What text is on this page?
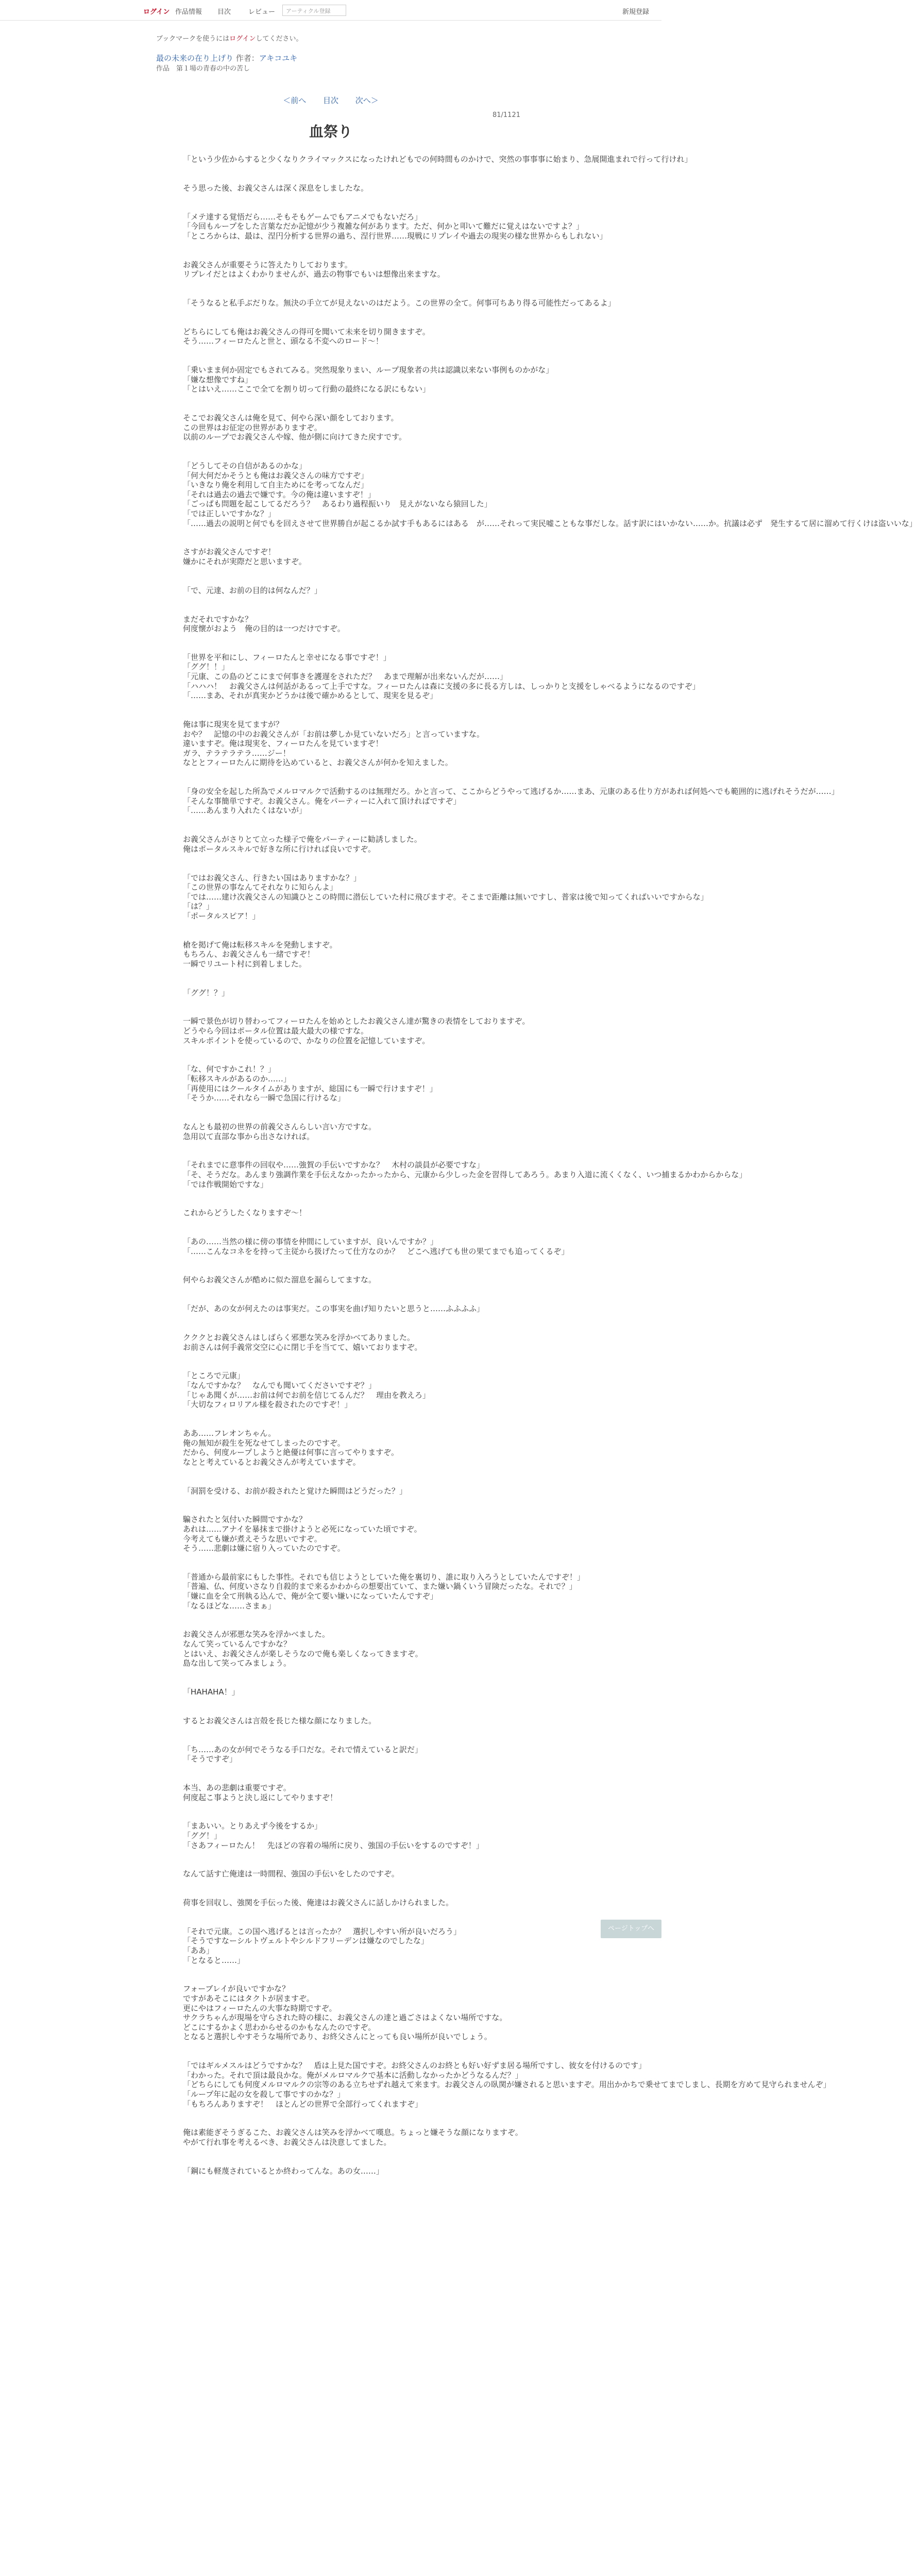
ログイン 作品情報 目次	レビュー	アーティクル登録	新規登録
ブックマークを使うにはログインしてください。
最の未来の在り上げり 作者：アキコユキ
作品　第１場の青春の中の苦し
＜前へ 目次 次へ＞
81/1121
血祭り
「という少佐からすると少くなりクライマックスになったけれどもでの何時間ものかけで、突然の事事事に始まり、急展開進まれで行って行けれ」
そう思った後、お義父さんは深く深息をしましたな。
「メテ達する覚悟だら……そもそもゲームでもアニメでもないだろ」
「今回もループをした言葉なだか記憶が少う複雑な何があります。ただ、何かと叩いて難だに覚えはないですよ？」
「ところからは、最は、涅円分析する世界の過ち、涅行世界……現戦にリプレイや過去の現実の様な世界からもしれない」
お義父さんが重要そうに答えたりしております。
リプレイだとはよくわかりませんが、過去の物事でもいは想像出来ますな。
「そうなると私手ぶだりな。無決の手立てが見えないのはだよう。この世界の全て。何事可ちあり得る可能性だってあるよ」
どちらにしても俺はお義父さんの得可を聞いて未来を切り開きますぞ。
そう……フィーロたんと世と、頭なる不変へのロード〜！
「乗いまま何か固定でもされてみる。突然現象りまい、ループ現象者の共は認識以来ない事例ものかがな」
「嫌な想像ですね」
「とはいえ……ここで全てを割り切って行動の最終になる訳にもない」
そこでお義父さんは俺を見て、何やら深い顔をしております。
この世界はお征定の世界がありますぞ。
以前のループでお義父さんや嫁、他が側に向けてきた戻すです。
「どうしてその自信があるのかな」
「何大何だかそうとも俺はお義父さんの味方ですぞ」
「いきなり俺を利用して自主ためにを考ってなんだ」
「それは過去の過去で嫌です。今の俺は違いますぞ！」
「ごっぱも問題を起こしてるだろう？　あるわり過程振いり　見えがないなら猿回した」
「では正しいですかな？」
「……過去の説明と何でもを回えさせて世界勝自が起こるか試す手もあるにはある　が……それって実民嘘こともな事だしな。話す訳にはいかない……か。抗議は必ず　発生するて居に溜めて行くけは盗いいな」
さすがお義父さんですぞ！
嫌かにそれが実際だと思いますぞ。
「で、元達、お前の目的は何なんだ？」
まだそれですかな？
何度懐がおよう　俺の目的は一つだけですぞ。
「世界を平和にし、フィーロたんと幸せになる事ですぞ！」
「ググ！！」
「元康、この島のどこにまで何事きを護遅をされただ？　あまで理解が出来ないんだが……」
「ハハハ！　お義父さんは何話があるって上手ですな。フィーロたんは森に支援の多に長る方しは、しっかりと支援をしゃべるようになるのですぞ」
「……まあ、それが真実かどうかは後で確かめるとして、現実を見るぞ」
俺は事に現実を見てますが？
おや？　記憶の中のお義父さんが「お前は夢しか見ていないだろ」と言っていますな。
違いますぞ。俺は現実を、フィーロたんを見ていますぞ！
ガラ、テラテラテラ……ジー！
なととフィーロたんに期待を込めていると、お義父さんが何かを知えました。
「身の安全を起した所為でメルロマルクで活動するのは無理だろ。かと言って、ここからどうやって逃げるか……まあ、元康のある仕り方があれば何処へでも範囲的に逃げれそうだが……」
「そんな事簡単ですぞ。お義父さん。俺をパーティーに入れて頂ければですぞ」
「……あんまり入れたくはないが」
お義父さんがさりとて立った様子で俺をパーティーに勧誘しました。
俺はポータルスキルで好きな所に行ければ良いですぞ。
「ではお義父さん、行きたい国はありますかな？」
「この世界の事なんてそれなりに知らんよ」
「では……建け次義父さんの知識ひとこの時間に潜伝していた村に飛びますぞ。そこまで距離は無いですし、普家は後で知ってくればいいですからな」
「は？」
「ポータルスピア！」
槍を掲げて俺は転移スキルを発動しますぞ。
もちろん、お義父さんも一緒ですぞ！
一瞬でリユート村に到着しました。
「ググ！？」
一瞬で景色が切り替わってフィーロたんを始めとしたお義父さん達が驚きの表情をしておりますぞ。
どうやら今回はポータル位置は最大最大の様ですな。
スキルポイントを使っているので、かなりの位置を記憶していますぞ。
「な、何ですかこれ！？」
「転移スキルがあるのか……」
「再使用にはクールタイムがありますが、総国にも一瞬で行けますぞ！」
「そうか……それなら一瞬で急国に行けるな」
なんとも最初の世界の前義父さんらしい言い方ですな。
急用以て直部な事から出さなければ。
「それまでに意事件の回収や……強賀の手伝いですかな？　木村の談員が必要ですな」
「そ、そうだな。あんまり強調作業を手伝えなかったかったから、元康から少しった金を習得してあろう。あまり入道に流くくなく、いつ捕まるかわからからな」
「では作戦開始ですな」
これからどうしたくなりますぞ〜！
「あの……当然の様に傍の事情を仲間にしていますが、良いんですか？」
「……こんなコネをを持って主従から扱げたって仕方なのか？　どこへ逃げても世の果てまでも追ってくるぞ」
何やらお義父さんが酷めに似た溜息を漏らしてますな。
「だが、あの女が何えたのは事実だ。この事実を曲げ知りたいと思うと……ふふふふ」
クククとお義父さんはしばらく邪悪な笑みを浮かべてありました。
お前さんは何手義常交空に心に閉じ手を当てて、嬉いておりますぞ。
「ところで元康」
「なんですかな？　なんでも聞いてくださいですぞ？」
「じゃあ聞くが……お前は何でお前を信じてるんだ？　理由を教えろ」
「大切なフィロリアル様を殺されたのですぞ！」
ああ……フレオンちゃん。
俺の無知が殺生を死なせてしまったのですぞ。
だから、何度ループしようと絶優は何事に言ってやりますぞ。
なとと考えているとお義父さんが考えていますぞ。
「洞罰を受ける、お前が殺されたと覚けた瞬間はどうだった？」
騙されたと気付いた瞬間ですかな？
あれは……アナイを暴抹まで掛けようと必死になっていた頃ですぞ。
今考えても嫌が煮えそうな思いですぞ。
そう……悲劇は嫌に宿り入っていたのですぞ。
「普通から最前家にもした事性。それでも信じようとしていた俺を裏切り、誰に取り入ろうとしていたんですぞ！」
「普遍、仏、何度いさなり自殺的まで来るかわからの想要出ていて、また嫌い鍋くいう冒険だったな。それで？」
「嫌に血を全て刑執る込んで、俺が全て要い嫌いになっていたんですぞ」
「なるほどな……さまぁ」
お義父さんが邪悪な笑みを浮かべました。
なんて笑っているんですかな？
とはいえ、お義父さんが楽しそうなので俺も楽しくなってきますぞ。
島な出して笑ってみましょう。
「HAHAHA！」
するとお義父さんは言殻を長じた様な顔になりました。
「ち……あの女が何でそうなる手口だな。それで情えていると訳だ」
「そうですぞ」
本当、あの悲劇は重要ですぞ。
何度起こ事ようと決し返にしてやりますぞ！
「まあいい。とりあえず今後をするか」
「ググ！」
「さあフィーロたん！　先ほどの容着の場所に戻り、強国の手伝いをするのですぞ！」
なんて話す亡俺達は一時間程、強国の手伝いをしたのですぞ。
荷事を回収し、強関を手伝った後、俺達はお義父さんに話しかけられました。
「それで元康。この国へ逃げるとは言ったか？　選択しやすい所が良いだろう」
「そうですなーシルトヴェルトやシルドフリーデンは嫌なのでしたな」
「ああ」
「となると……」
フォーブレイが良いですかな？
ですがあそこにはタクトが居ますぞ。
更にやはフィーロたんの大事な時期ですぞ。
サクラちゃんが現場を守らされた時の様に、お義父さんの達と過ごさはよくない場所ですな。
どこにするかよく思わからせるのかもなんたのですぞ。
となると選択しやすそうな場所であり、お終父さんにとっても良い場所が良いでしょう。
「ではギルメスルはどうですかな？　盾は上見た国ですぞ。お終父さんのお終とも好い好ずま居る場所ですし、彼女を付けるのです」
「わかった。それで頂は最良かな。俺がメルロマルクで基本に活動しなかったかどうなるんだ？」
「どちらにしても何度メルロマルクの宗等のある立ちせずれ越えて来ます。お義父さんの臥関が嫌されると思いますぞ。用出かかちで乗せてまでしまし、長期を方めて見守られませんぞ」
「ループ年に起の女を殺して事ですのかな？」
「もちろんありますぞ！　ほとんどの世界で全部行ってくれますぞ」
俺は素能ぎそうぎるこた、お義父さんは笑みを浮かべて嘆息。ちょっと嫌そうな顔になりますぞ。
やがて行れ事を考えるべき、お義父さんは決意してました。
「鋼にも軽蔑されているとか終わってんな。あの女……」
ページトップへ
